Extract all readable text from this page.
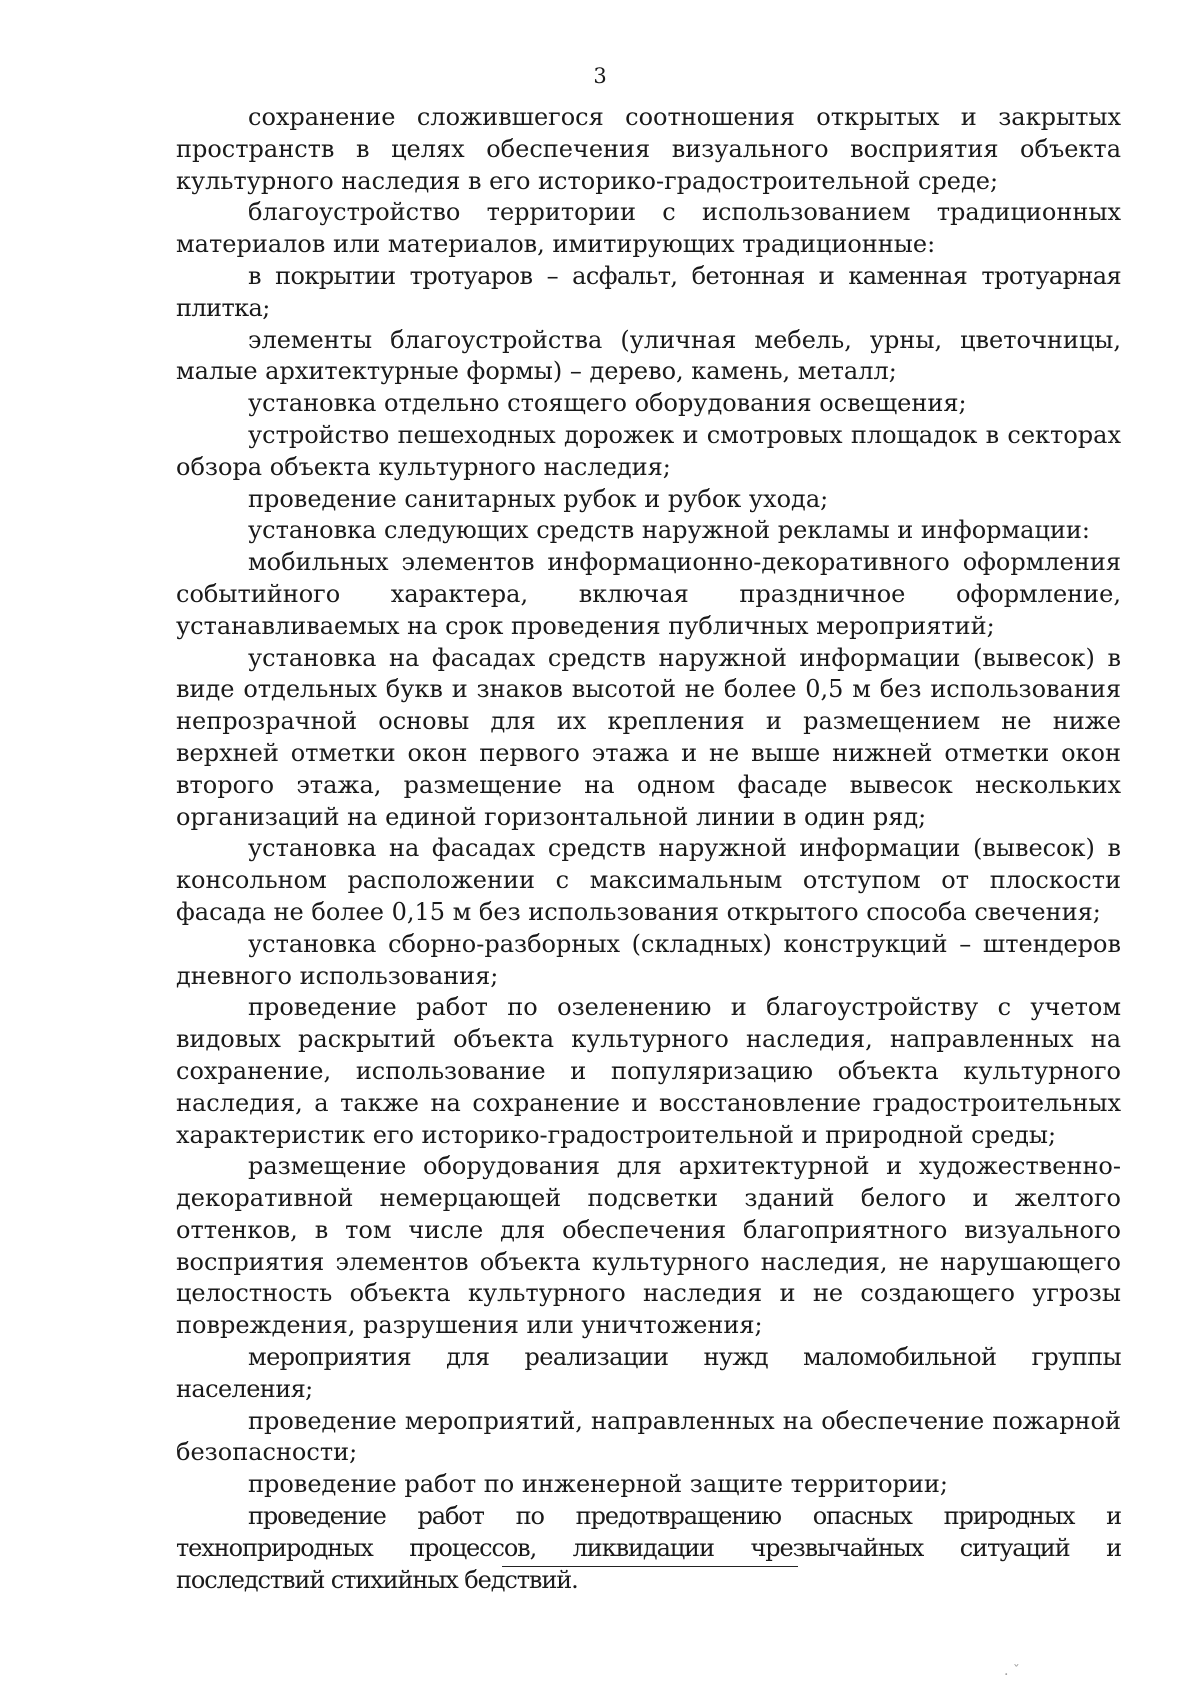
3

сохранение сложившегося соотношения открытых и закрытых пространств в целях обеспечения визуального восприятия объекта культурного наследия в его историко-градостроительной среде;

благоустройство территории с использованием традиционных материалов или материалов, имитирующих традиционные:

в покрытии тротуаров – асфальт, бетонная и каменная тротуарная плитка;

элементы благоустройства (уличная мебель, урны, цветочницы, малые архитектурные формы) – дерево, камень, металл;

установка отдельно стоящего оборудования освещения;

устройство пешеходных дорожек и смотровых площадок в секторах обзора объекта культурного наследия;

проведение санитарных рубок и рубок ухода;

установка следующих средств наружной рекламы и информации:

мобильных элементов информационно-декоративного оформления событийного характера, включая праздничное оформление, устанавливаемых на срок проведения публичных мероприятий;

установка на фасадах средств наружной информации (вывесок) в виде отдельных букв и знаков высотой не более 0,5 м без использования непрозрачной основы для их крепления и размещением не ниже верхней отметки окон первого этажа и не выше нижней отметки окон второго этажа, размещение на одном фасаде вывесок нескольких организаций на единой горизонтальной линии в один ряд;

установка на фасадах средств наружной информации (вывесок) в консольном расположении с максимальным отступом от плоскости фасада не более 0,15 м без использования открытого способа свечения;

установка сборно-разборных (складных) конструкций – штендеров дневного использования;

проведение работ по озеленению и благоустройству с учетом видовых раскрытий объекта культурного наследия, направленных на сохранение, использование и популяризацию объекта культурного наследия, а также на сохранение и восстановление градостроительных характеристик его историко-градостроительной и природной среды;

размещение оборудования для архитектурной и художественно-декоративной немерцающей подсветки зданий белого и желтого оттенков, в том числе для обеспечения благоприятного визуального восприятия элементов объекта культурного наследия, не нарушающего целостность объекта культурного наследия и не создающего угрозы повреждения, разрушения или уничтожения;

мероприятия для реализации нужд маломобильной группы населения;

проведение мероприятий, направленных на обеспечение пожарной безопасности;

проведение работ по инженерной защите территории;

проведение работ по предотвращению опасных природных и техноприродных процессов, ликвидации чрезвычайных ситуаций и последствий стихийных бедствий.

. ˇ
